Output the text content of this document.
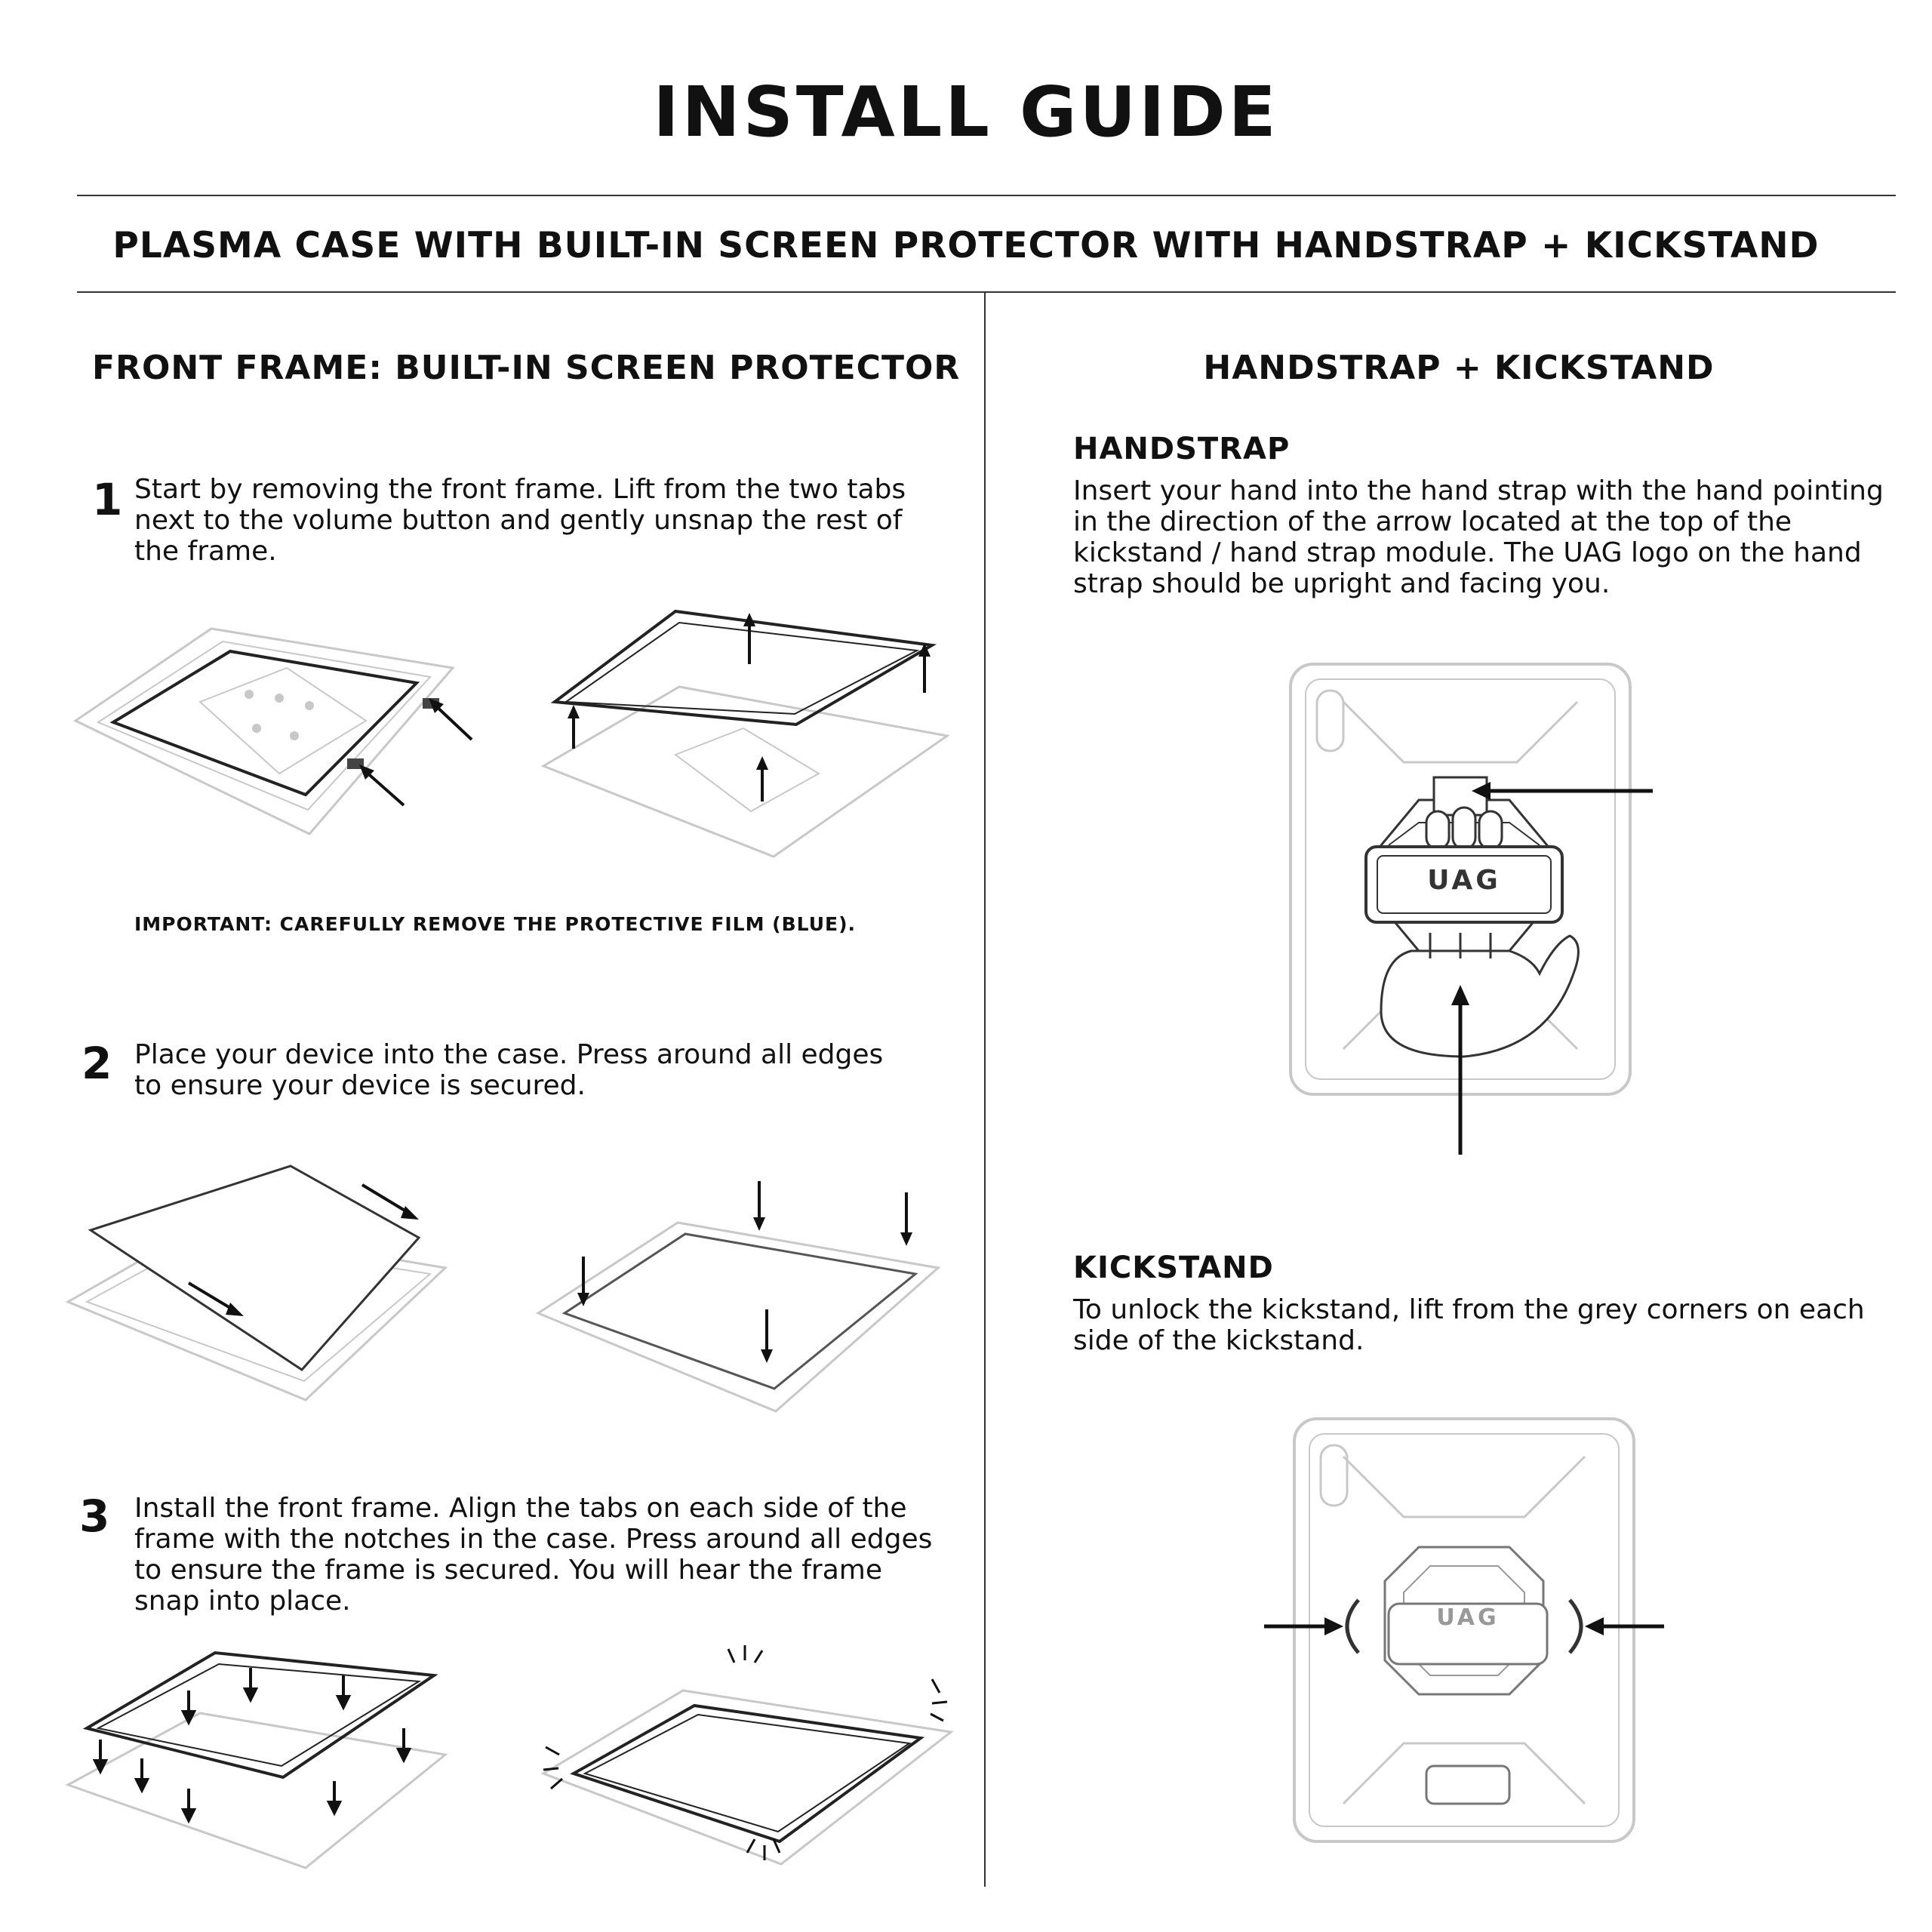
INSTALL GUIDE
PLASMA CASE WITH BUILT-IN SCREEN PROTECTOR WITH HANDSTRAP + KICKSTAND
FRONT FRAME: BUILT-IN SCREEN PROTECTOR
1 Start by removing the front frame. Lift from the two tabs next to the volume button and gently unsnap the rest of the frame.
IMPORTANT: CAREFULLY REMOVE THE PROTECTIVE FILM (BLUE).
2 Place your device into the case. Press around all edges to ensure your device is secured.
3 Install the front frame. Align the tabs on each side of the frame with the notches in the case. Press around all edges to ensure the frame is secured. You will hear the frame snap into place.
HANDSTRAP + KICKSTAND
HANDSTRAP
Insert your hand into the hand strap with the hand pointing in the direction of the arrow located at the top of the kickstand / hand strap module. The UAG logo on the hand strap should be upright and facing you.
UAG
KICKSTAND
To unlock the kickstand, lift from the grey corners on each side of the kickstand.
UAG
